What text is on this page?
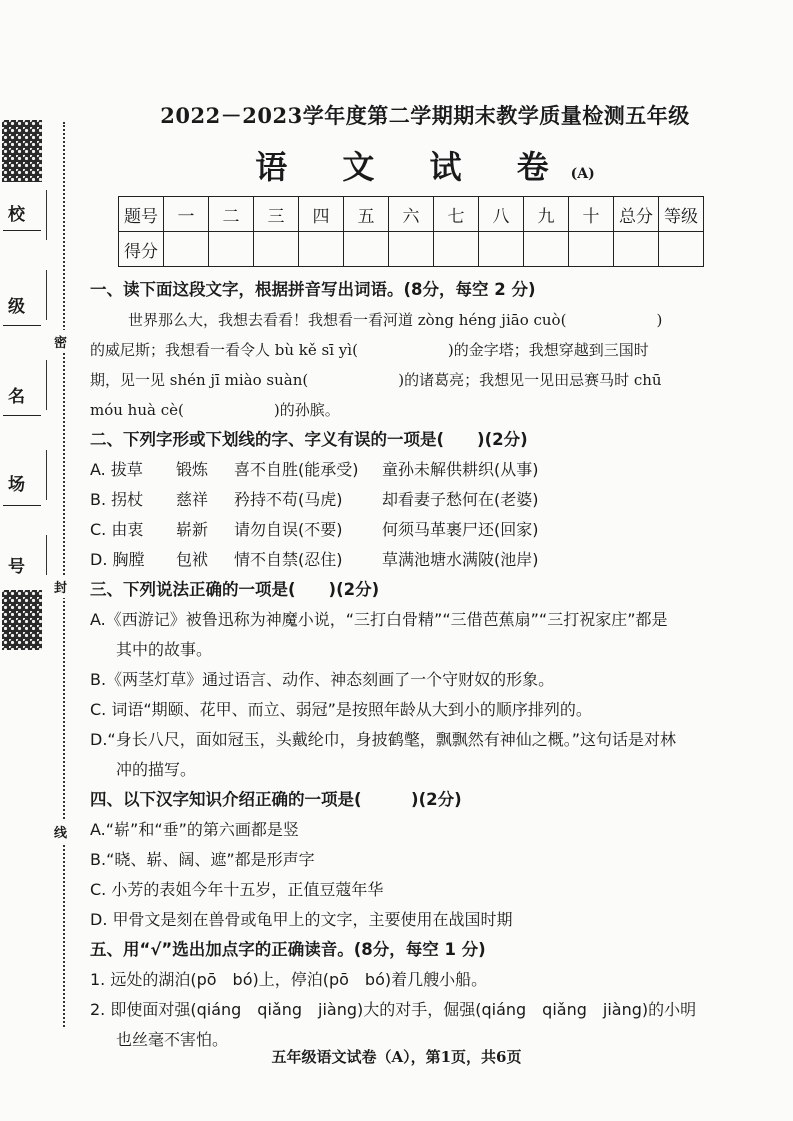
校
级
名
场
号
密
封
线
2022－2023学年度第二学期期末教学质量检测五年级
语 文 试 卷(A)
题号	一	二	三	四	五	六	七	八	九	十	总分	等级
得分												

一、读下面这段文字，根据拼音写出词语。(8分，每空 2 分)

世界那么大，我想去看看！我想看一看河道 zòng héng jiāo cuò(　　　　　　)

的威尼斯；我想看一看令人 bù kě sī yì(　　　　　　)的金字塔；我想穿越到三国时

期，见一见 shén jī miào suàn(　　　　　　)的诸葛亮；我想见一见田忌赛马时 chū

móu huà cè(　　　　　　)的孙膑。

二、下列字形或下划线的字、字义有误的一项是(　　)(2分)

A. 拔草	锻炼	喜不自胜(能承受)	童孙未解供耕织(从事)
B. 拐杖	慈祥	矜持不苟(马虎)	却看妻子愁何在(老婆)
C. 由衷	崭新	请勿自误(不要)	何须马革裹尸还(回家)
D. 胸膛	包袱	情不自禁(忍住)	草满池塘水满陂(池岸)

三、下列说法正确的一项是(　　)(2分)

A.《西游记》被鲁迅称为神魔小说，“三打白骨精”“三借芭蕉扇”“三打祝家庄”都是

其中的故事。

B.《两茎灯草》通过语言、动作、神态刻画了一个守财奴的形象。

C. 词语“期颐、花甲、而立、弱冠”是按照年龄从大到小的顺序排列的。

D.“身长八尺，面如冠玉，头戴纶巾，身披鹤氅，飘飘然有神仙之概。”这句话是对林

冲的描写。

四、以下汉字知识介绍正确的一项是(　　　)(2分)

A.“崭”和“垂”的第六画都是竖

B.“晓、崭、阔、遮”都是形声字

C. 小芳的表姐今年十五岁，正值豆蔻年华

D. 甲骨文是刻在兽骨或龟甲上的文字，主要使用在战国时期

五、用“√”选出加点字的正确读音。(8分，每空 1 分)

1. 远处的湖泊(pō　bó)上，停泊(pō　bó)着几艘小船。

2. 即使面对强(qiáng　qiǎng　jiàng)大的对手，倔强(qiáng　qiǎng　jiàng)的小明

也丝毫不害怕。

五年级语文试卷（A），第1页，共6页
